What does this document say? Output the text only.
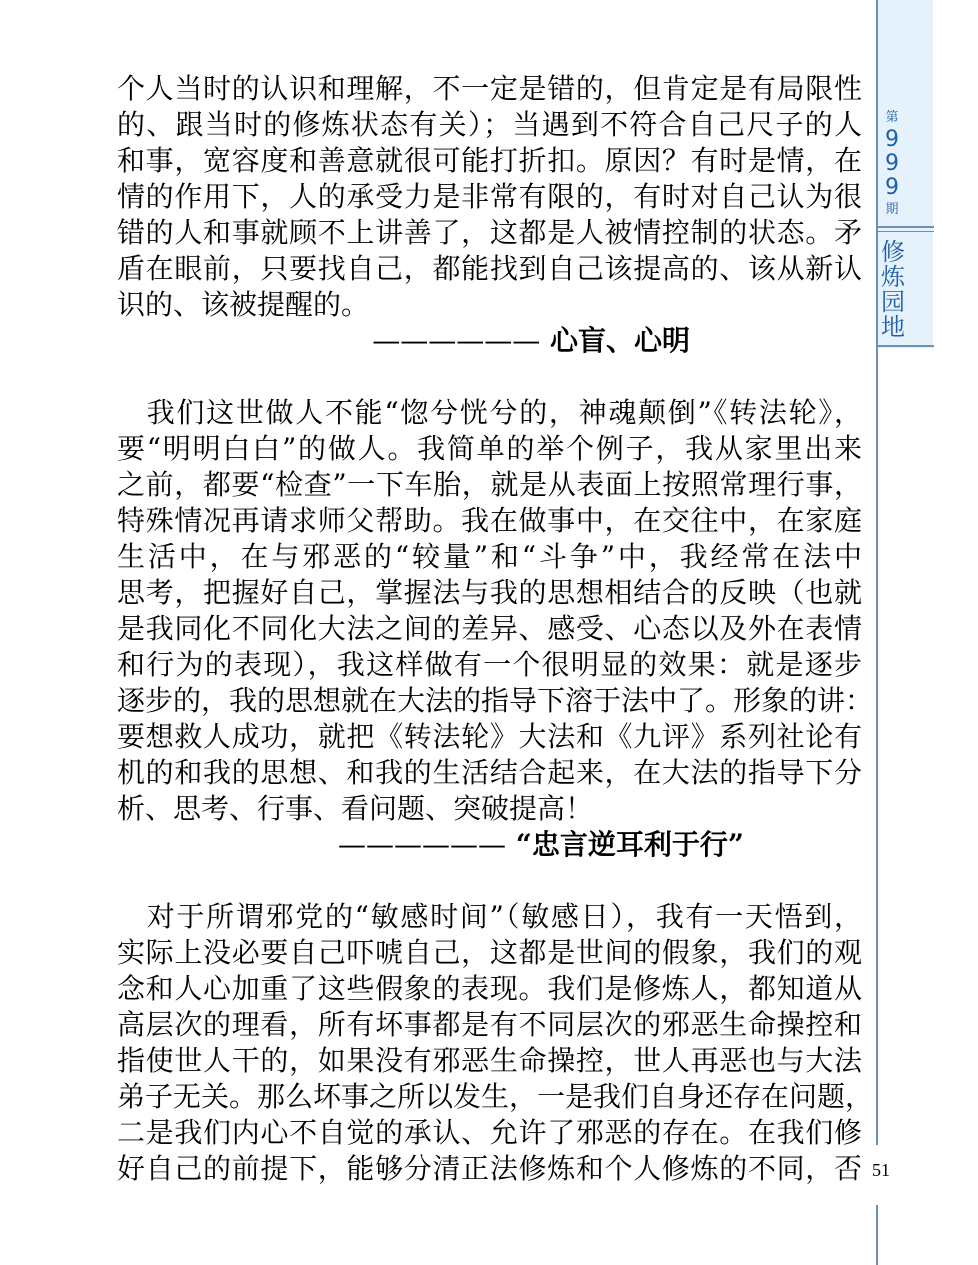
第
9
9
9
期
修
炼
园
地
51
个人当时的认识和理解，不一定是错的，但肯定是有局限性
的、跟当时的修炼状态有关）；当遇到不符合自己尺子的人
和事，宽容度和善意就很可能打折扣。原因？有时是情，在
情的作用下，人的承受力是非常有限的，有时对自己认为很
错的人和事就顾不上讲善了，这都是人被情控制的状态。矛
盾在眼前，只要找自己，都能找到自己该提高的、该从新认
识的、该被提醒的。
—————— 心盲、心明
　我们这世做人不能“惚兮恍兮的，神魂颠倒”《转法轮》，
要“明明白白”的做人。我简单的举个例子，我从家里出来
之前，都要“检查”一下车胎，就是从表面上按照常理行事，
特殊情况再请求师父帮助。我在做事中，在交往中，在家庭
生活中，在与邪恶的“较量”和“斗争”中，我经常在法中
思考，把握好自己，掌握法与我的思想相结合的反映（也就
是我同化不同化大法之间的差异、感受、心态以及外在表情
和行为的表现），我这样做有一个很明显的效果：就是逐步
逐步的，我的思想就在大法的指导下溶于法中了。形象的讲：
要想救人成功，就把《转法轮》大法和《九评》系列社论有
机的和我的思想、和我的生活结合起来，在大法的指导下分
析、思考、行事、看问题、突破提高！
—————— “忠言逆耳利于行”
　对于所谓邪党的“敏感时间”（敏感日），我有一天悟到，
实际上没必要自己吓唬自己，这都是世间的假象，我们的观
念和人心加重了这些假象的表现。我们是修炼人，都知道从
高层次的理看，所有坏事都是有不同层次的邪恶生命操控和
指使世人干的，如果没有邪恶生命操控，世人再恶也与大法
弟子无关。那么坏事之所以发生，一是我们自身还存在问题，
二是我们内心不自觉的承认、允许了邪恶的存在。在我们修
好自己的前提下，能够分清正法修炼和个人修炼的不同，否
